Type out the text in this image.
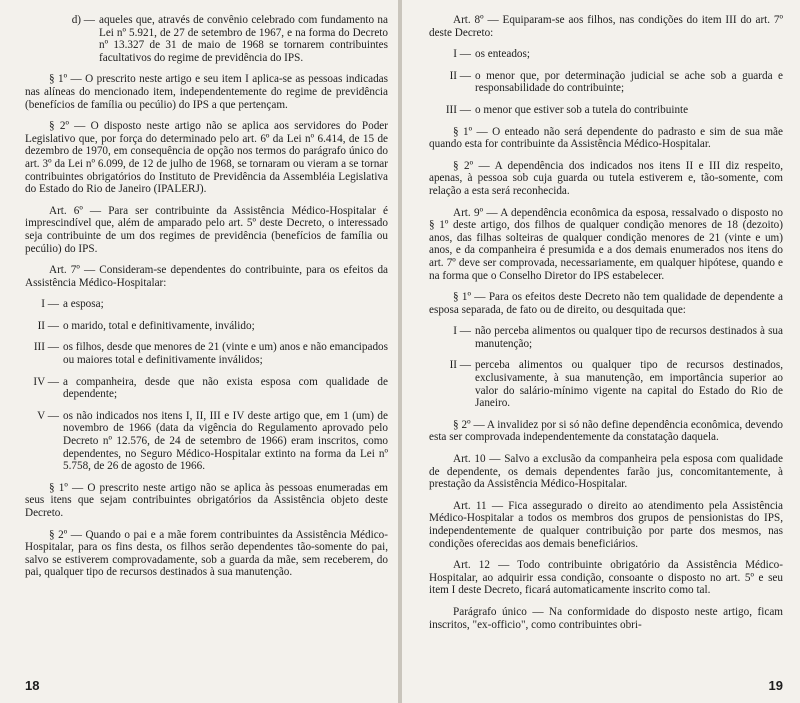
d) — aqueles que, através de convênio celebrado com fundamento na Lei nº 5.921, de 27 de setembro de 1967, e na forma do Decreto nº 13.327 de 31 de maio de 1968 se tornarem contribuintes facultativos do regime de previdência do IPS.

§ 1º — O prescrito neste artigo e seu item I aplica-se as pessoas indicadas nas alíneas do mencionado item, independentemente do regime de previdência (benefícios de família ou pecúlio) do IPS a que pertençam.

§ 2º — O disposto neste artigo não se aplica aos servidores do Poder Legislativo que, por força do determinado pelo art. 6º da Lei nº 6.414, de 15 de dezembro de 1970, em consequência de opção nos termos do parágrafo único do art. 3º da Lei nº 6.099, de 12 de julho de 1968, se tornaram ou vieram a se tornar contribuintes obrigatórios do Instituto de Previdência da Assembléia Legislativa do Estado do Rio de Janeiro (IPALERJ).

Art. 6º — Para ser contribuinte da Assistência Médico-Hospitalar é imprescindível que, além de amparado pelo art. 5º deste Decreto, o interessado seja contribuinte de um dos regimes de previdência (benefícios de família ou pecúlio) do IPS.

Art. 7º — Consideram-se dependentes do contribuinte, para os efeitos da Assistência Médico-Hospitalar:

I — a esposa;
II — o marido, total e definitivamente, inválido;
III — os filhos, desde que menores de 21 (vinte e um) anos e não emancipados ou maiores total e definitivamente inválidos;
IV — a companheira, desde que não exista esposa com qualidade de dependente;
V — os não indicados nos itens I, II, III e IV deste artigo que, em 1 (um) de novembro de 1966 (data da vigência do Regulamento aprovado pelo Decreto nº 12.576, de 24 de setembro de 1966) eram inscritos, como dependentes, no Seguro Médico-Hospitalar extinto na forma da Lei nº 5.758, de 26 de agosto de 1966.

§ 1º — O prescrito neste artigo não se aplica às pessoas enumeradas em seus itens que sejam contribuintes obrigatórios da Assistência objeto deste Decreto.

§ 2º — Quando o pai e a mãe forem contribuintes da Assistência Médico-Hospitalar, para os fins desta, os filhos serão dependentes tão-somente do pai, salvo se estiverem comprovadamente, sob a guarda da mãe, sem receberem, do pai, qualquer tipo de recursos destinados à sua manutenção.

18

Art. 8º — Equiparam-se aos filhos, nas condições do item III do art. 7º deste Decreto:

I — os enteados;
II — o menor que, por determinação judicial se ache sob a guarda e responsabilidade do contribuinte;
III — o menor que estiver sob a tutela do contribuinte

§ 1º — O enteado não será dependente do padrasto e sim de sua mãe quando esta for contribuinte da Assistência Médico-Hospitalar.

§ 2º — A dependência dos indicados nos itens II e III diz respeito, apenas, à pessoa sob cuja guarda ou tutela estiverem e, tão-somente, com relação a esta será reconhecida.

Art. 9º — A dependência econômica da esposa, ressalvado o disposto no § 1º deste artigo, dos filhos de qualquer condição menores de 18 (dezoito) anos, das filhas solteiras de qualquer condição menores de 21 (vinte e um) anos, e da companheira é presumida e a dos demais enumerados nos itens do art. 7º deve ser comprovada, necessariamente, em qualquer hipótese, quando e na forma que o Conselho Diretor do IPS estabelecer.

§ 1º — Para os efeitos deste Decreto não tem qualidade de dependente a esposa separada, de fato ou de direito, ou desquitada que:

I — não perceba alimentos ou qualquer tipo de recursos destinados à sua manutenção;
II — perceba alimentos ou qualquer tipo de recursos destinados, exclusivamente, à sua manutenção, em importância superior ao valor do salário-mínimo vigente na capital do Estado do Rio de Janeiro.

§ 2º — A invalidez por si só não define dependência econômica, devendo esta ser comprovada independentemente da constatação daquela.

Art. 10 — Salvo a exclusão da companheira pela esposa com qualidade de dependente, os demais dependentes farão jus, concomitantemente, à prestação da Assistência Médico-Hospitalar.

Art. 11 — Fica assegurado o direito ao atendimento pela Assistência Médico-Hospitalar a todos os membros dos grupos de pensionistas do IPS, independentemente de qualquer contribuição por parte dos mesmos, nas condições oferecidas aos demais beneficiários.

Art. 12 — Todo contribuinte obrigatório da Assistência Médico-Hospitalar, ao adquirir essa condição, consoante o disposto no art. 5º e seu item I deste Decreto, ficará automaticamente inscrito como tal.

Parágrafo único — Na conformidade do disposto neste artigo, ficam inscritos, "ex-officio", como contribuintes obri-

19
